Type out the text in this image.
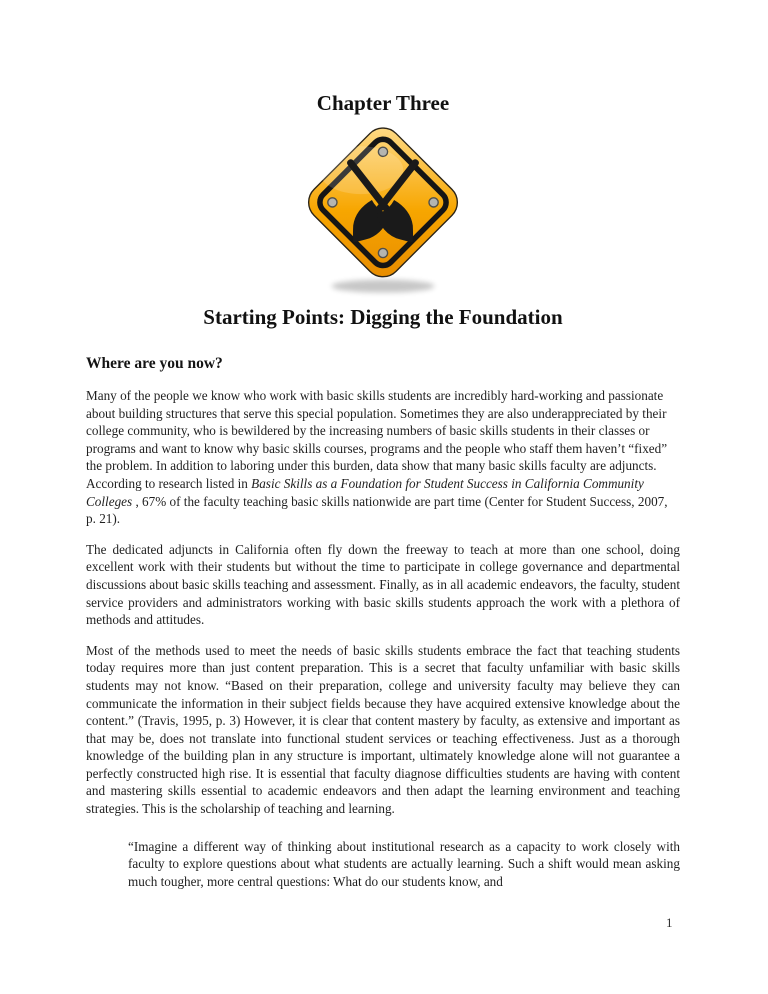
Chapter Three
Starting Points: Digging the Foundation
Where are you now?

Many of the people we know who work with basic skills students are incredibly hard-working and passionate about building structures that serve this special population. Sometimes they are also underappreciated by their college community, who is bewildered by the increasing numbers of basic skills students in their classes or programs and want to know why basic skills courses, programs and the people who staff them haven’t “fixed” the problem. In addition to laboring under this burden, data show that many basic skills faculty are adjuncts. According to research listed in Basic Skills as a Foundation for Student Success in California Community Colleges , 67% of the faculty teaching basic skills nationwide are part time (Center for Student Success, 2007, p. 21).

The dedicated adjuncts in California often fly down the freeway to teach at more than one school, doing excellent work with their students but without the time to participate in college governance and departmental discussions about basic skills teaching and assessment. Finally, as in all academic endeavors, the faculty, student service providers and administrators working with basic skills students approach the work with a plethora of methods and attitudes.

Most of the methods used to meet the needs of basic skills students embrace the fact that teaching students today requires more than just content preparation. This is a secret that faculty unfamiliar with basic skills students may not know. “Based on their preparation, college and university faculty may believe they can communicate the information in their subject fields because they have acquired extensive knowledge about the content.” (Travis, 1995, p. 3) However, it is clear that content mastery by faculty, as extensive and important as that may be, does not translate into functional student services or teaching effectiveness. Just as a thorough knowledge of the building plan in any structure is important, ultimately knowledge alone will not guarantee a perfectly constructed high rise. It is essential that faculty diagnose difficulties students are having with content and mastering skills essential to academic endeavors and then adapt the learning environment and teaching strategies. This is the scholarship of teaching and learning.

“Imagine a different way of thinking about institutional research as a capacity to work closely with faculty to explore questions about what students are actually learning. Such a shift would mean asking much tougher, more central questions: What do our students know, and

1
